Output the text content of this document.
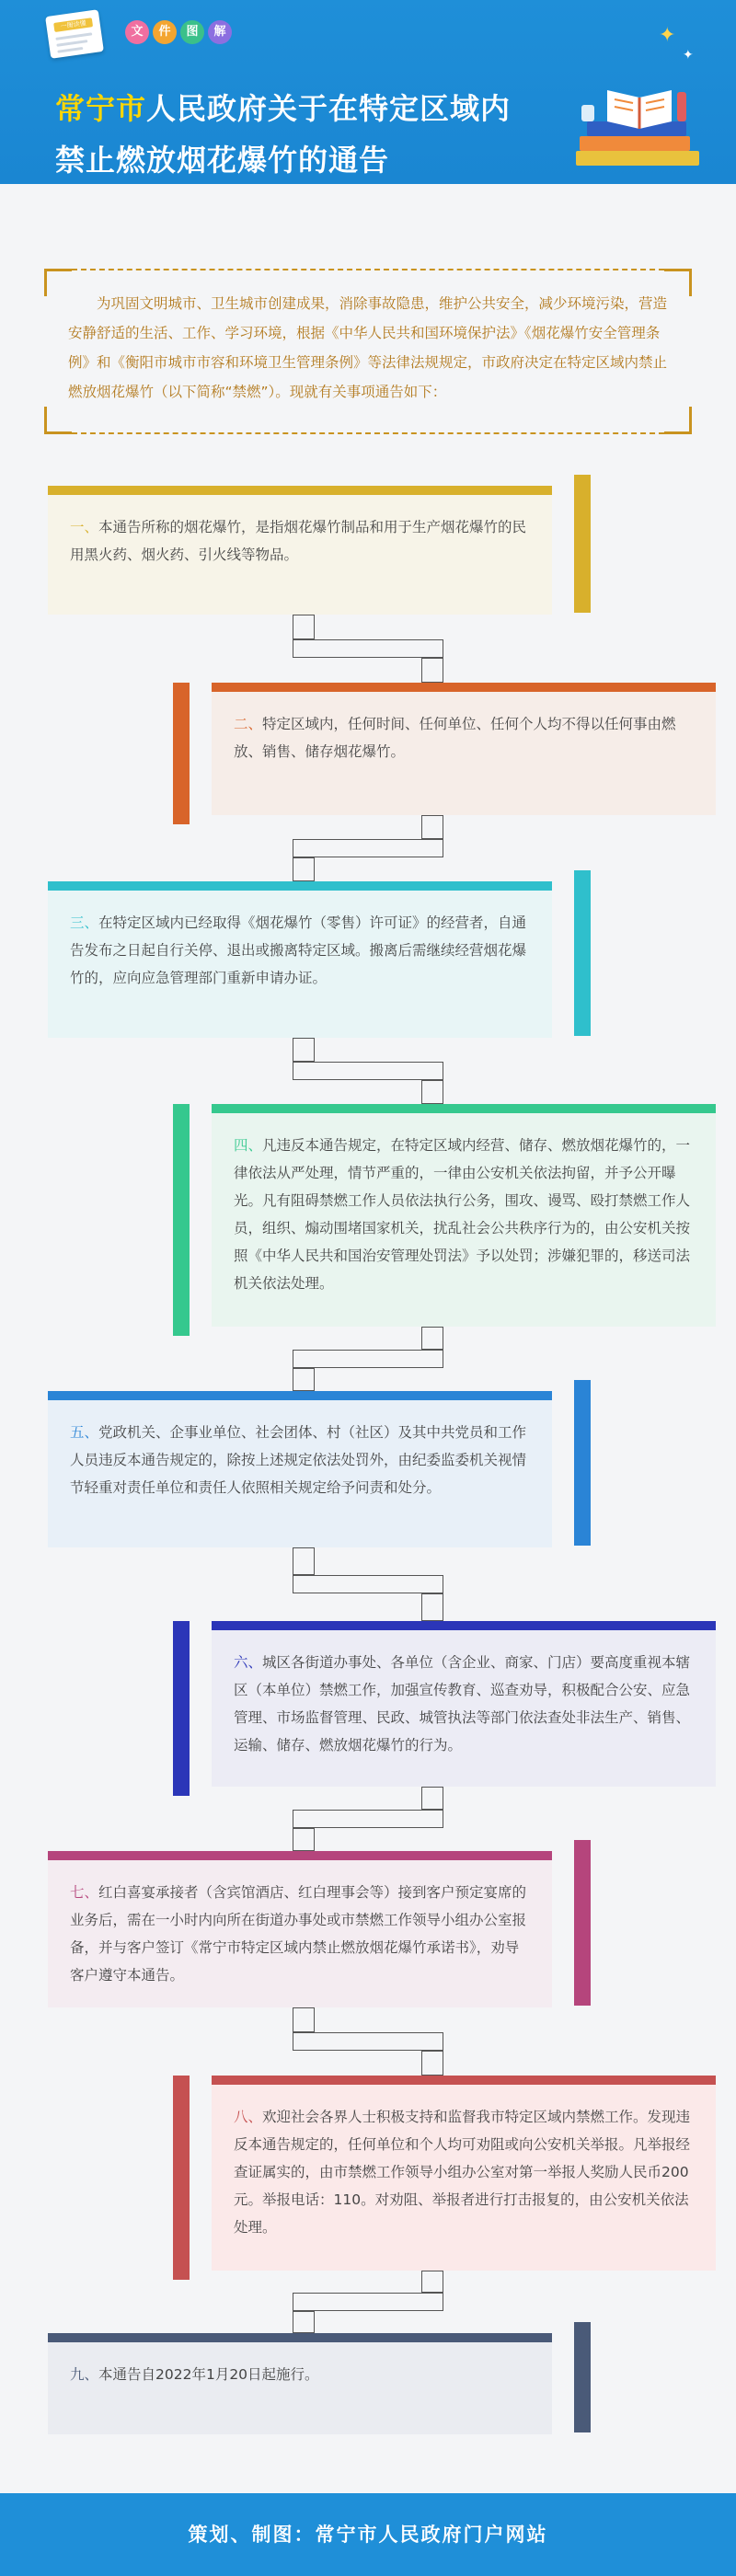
一图读懂	文	件	图	解
常宁市人民政府关于在特定区域内
禁止燃放烟花爆竹的通告
✦
✦
为巩固文明城市、卫生城市创建成果，消除事故隐患，维护公共安全，减少环境污染，营造安静舒适的生活、工作、学习环境，根据《中华人民共和国环境保护法》《烟花爆竹安全管理条例》和《衡阳市城市市容和环境卫生管理条例》等法律法规规定，市政府决定在特定区域内禁止燃放烟花爆竹（以下简称“禁燃”）。现就有关事项通告如下：
一、本通告所称的烟花爆竹，是指烟花爆竹制品和用于生产烟花爆竹的民用黑火药、烟火药、引火线等物品。
二、特定区域内，任何时间、任何单位、任何个人均不得以任何事由燃放、销售、储存烟花爆竹。
三、在特定区域内已经取得《烟花爆竹（零售）许可证》的经营者，自通告发布之日起自行关停、退出或搬离特定区域。搬离后需继续经营烟花爆竹的，应向应急管理部门重新申请办证。
四、凡违反本通告规定，在特定区域内经营、储存、燃放烟花爆竹的，一律依法从严处理，情节严重的，一律由公安机关依法拘留，并予公开曝光。凡有阻碍禁燃工作人员依法执行公务，围攻、谩骂、殴打禁燃工作人员，组织、煽动围堵国家机关，扰乱社会公共秩序行为的，由公安机关按照《中华人民共和国治安管理处罚法》予以处罚；涉嫌犯罪的，移送司法机关依法处理。
五、党政机关、企事业单位、社会团体、村（社区）及其中共党员和工作人员违反本通告规定的，除按上述规定依法处罚外，由纪委监委机关视情节轻重对责任单位和责任人依照相关规定给予问责和处分。
六、城区各街道办事处、各单位（含企业、商家、门店）要高度重视本辖区（本单位）禁燃工作，加强宣传教育、巡查劝导，积极配合公安、应急管理、市场监督管理、民政、城管执法等部门依法查处非法生产、销售、运输、储存、燃放烟花爆竹的行为。
七、红白喜宴承接者（含宾馆酒店、红白理事会等）接到客户预定宴席的业务后，需在一小时内向所在街道办事处或市禁燃工作领导小组办公室报备，并与客户签订《常宁市特定区域内禁止燃放烟花爆竹承诺书》，劝导客户遵守本通告。
八、欢迎社会各界人士积极支持和监督我市特定区域内禁燃工作。发现违反本通告规定的，任何单位和个人均可劝阻或向公安机关举报。凡举报经查证属实的，由市禁燃工作领导小组办公室对第一举报人奖励人民币200元。举报电话：110。对劝阻、举报者进行打击报复的，由公安机关依法处理。
九、本通告自2022年1月20日起施行。
策划、制图：常宁市人民政府门户网站
